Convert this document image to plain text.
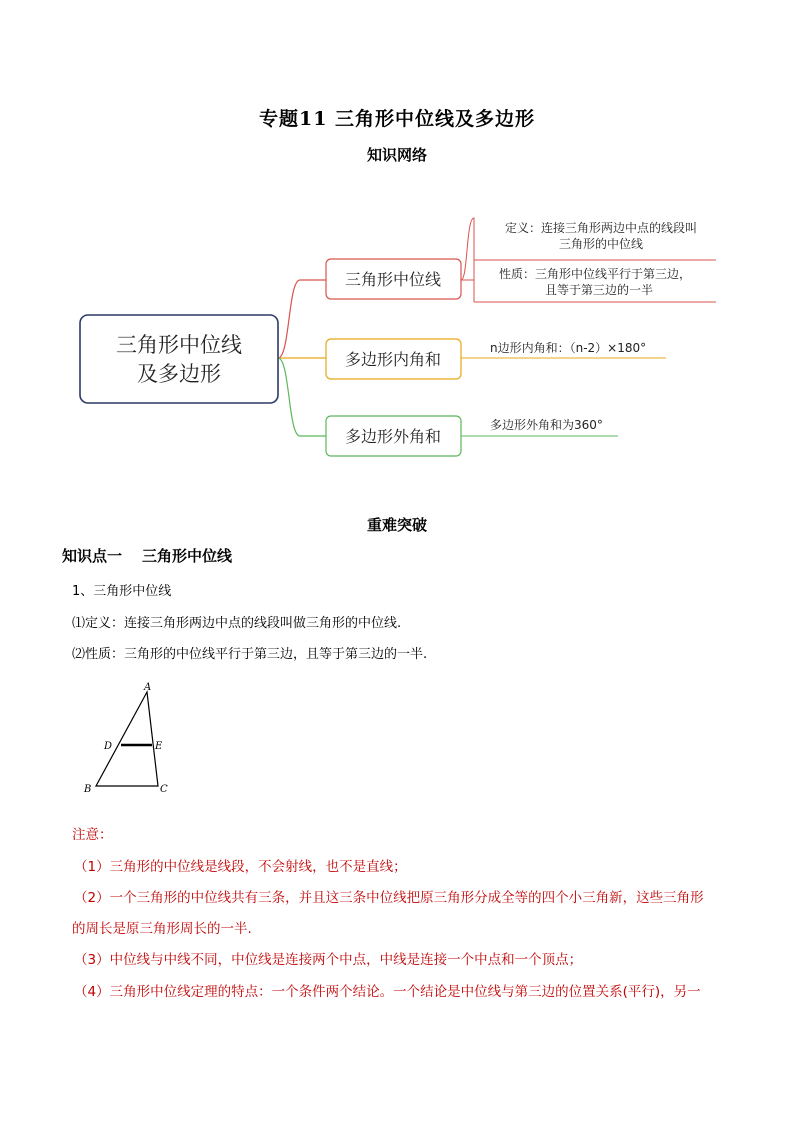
专题11 三角形中位线及多边形
知识网络
三角形中位线
及多边形
三角形中位线
定义：连接三角形两边中点的线段叫
三角形的中位线
性质：三角形中位线平行于第三边，
且等于第三边的一半
多边形内角和
n边形内角和：（n-2）×180°
多边形外角和
多边形外角和为360°
重难突破
知识点一 三角形中位线
1、三角形中位线
⑴定义：连接三角形两边中点的线段叫做三角形的中位线.
⑵性质：三角形的中位线平行于第三边，且等于第三边的一半.
A
D	E
B	C
注意：
（1）三角形的中位线是线段，不会射线，也不是直线；
（2）一个三角形的中位线共有三条，并且这三条中位线把原三角形分成全等的四个小三角新，这些三角形
的周长是原三角形周长的一半.
（3）中位线与中线不同，中位线是连接两个中点，中线是连接一个中点和一个顶点；
（4）三角形中位线定理的特点：一个条件两个结论。一个结论是中位线与第三边的位置关系(平行)，另一
